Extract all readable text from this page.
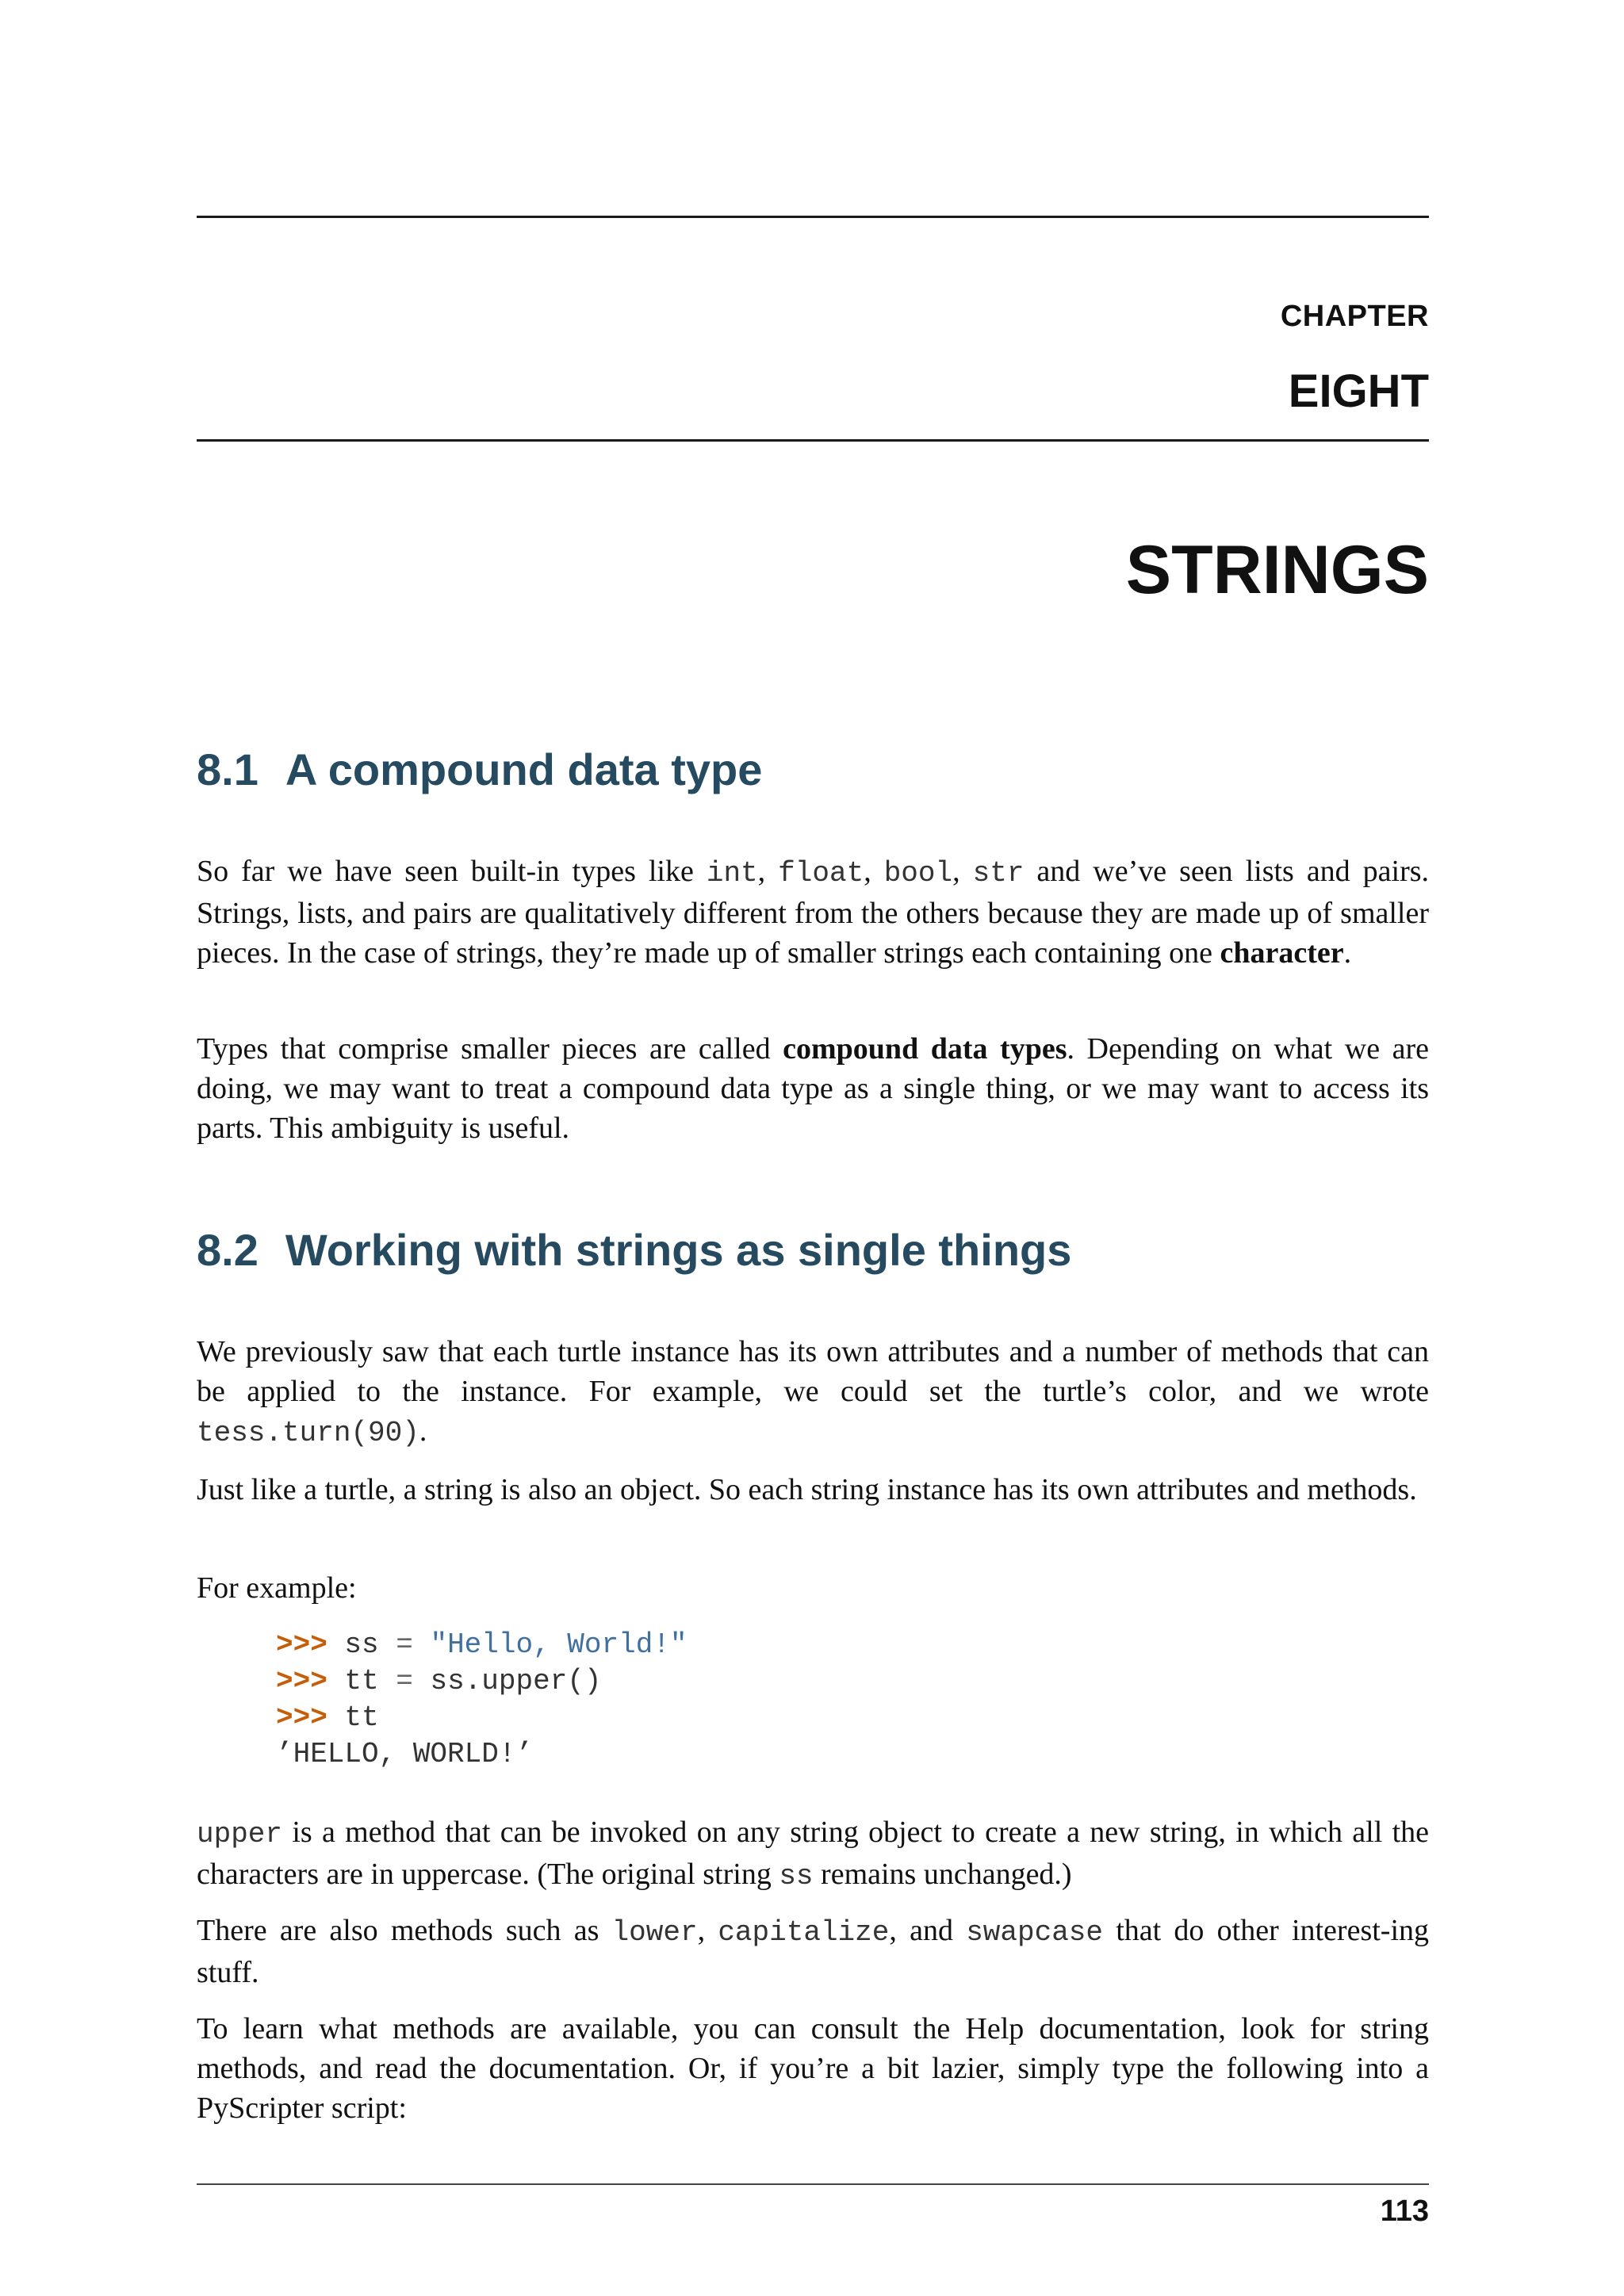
CHAPTER
EIGHT
STRINGS
8.1 A compound data type

So far we have seen built-in types like int, float, bool, str and we’ve seen lists and pairs. Strings, lists, and pairs are qualitatively different from the others because they are made up of smaller pieces. In the case of strings, they’re made up of smaller strings each containing one character.

Types that comprise smaller pieces are called compound data types. Depending on what we are doing, we may want to treat a compound data type as a single thing, or we may want to access its parts. This ambiguity is useful.

8.2 Working with strings as single things

We previously saw that each turtle instance has its own attributes and a number of methods that can be applied to the instance. For example, we could set the turtle’s color, and we wrote tess.turn(90).

Just like a turtle, a string is also an object. So each string instance has its own attributes and methods.

For example:

>>> ss = "Hello, World!"
>>> tt = ss.upper()
>>> tt
’HELLO, WORLD!’

upper is a method that can be invoked on any string object to create a new string, in which all the characters are in uppercase. (The original string ss remains unchanged.)

There are also methods such as lower, capitalize, and swapcase that do other interest-ing stuff.

To learn what methods are available, you can consult the Help documentation, look for string methods, and read the documentation. Or, if you’re a bit lazier, simply type the following into a PyScripter script:

113
